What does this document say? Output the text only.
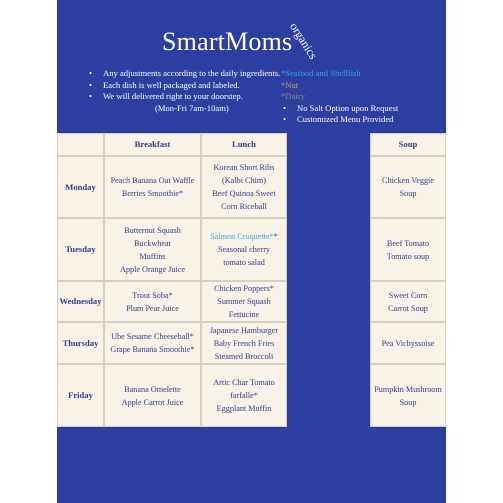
SmartMoms
organics
• Any adjustments according to the daily ingredients.
• Each dish is well packaged and labeled.
• We will delivered right to your doorstep.
(Mon-Fri 7am-10am)
*Seafood and Shellfish
*Nut
*Dairy
• No Salt Option upon Request
• Customized Menu Provided
Breakfast	Lunch	Soup
Monday
Peach Banana Oat Waffle
Berries Smoothie*
Korean Short Ribs
(Kalbi Chim)
Beef Quinoa Sweet
Corn Riceball
Chicken Veggie
Soup
Tuesday
Butternut Squash Buckwheat
Muffins
Apple Orange Juice
Salmon Croquette**
Seasonal cherry
tomato salad
Beef Tomato
Tomato soup
Wednesday
Trout Soba*
Plum Pear Juice
Chicken Poppers*
Summer Squash
Fettucine
Sweet Corn
Carrot Soup
Thursday
Ube Sesame Cheeseball*
Grape Banana Smoothie*
Japanese Hamburger
Baby French Fries
Steamed Broccoli
Pea Vichyssoise
Friday
Banana Omelette
Apple Carrot Juice
Artic Char Tomato
farfalle*
Eggplant Muffin
Pumpkin Mushroom
Soup
